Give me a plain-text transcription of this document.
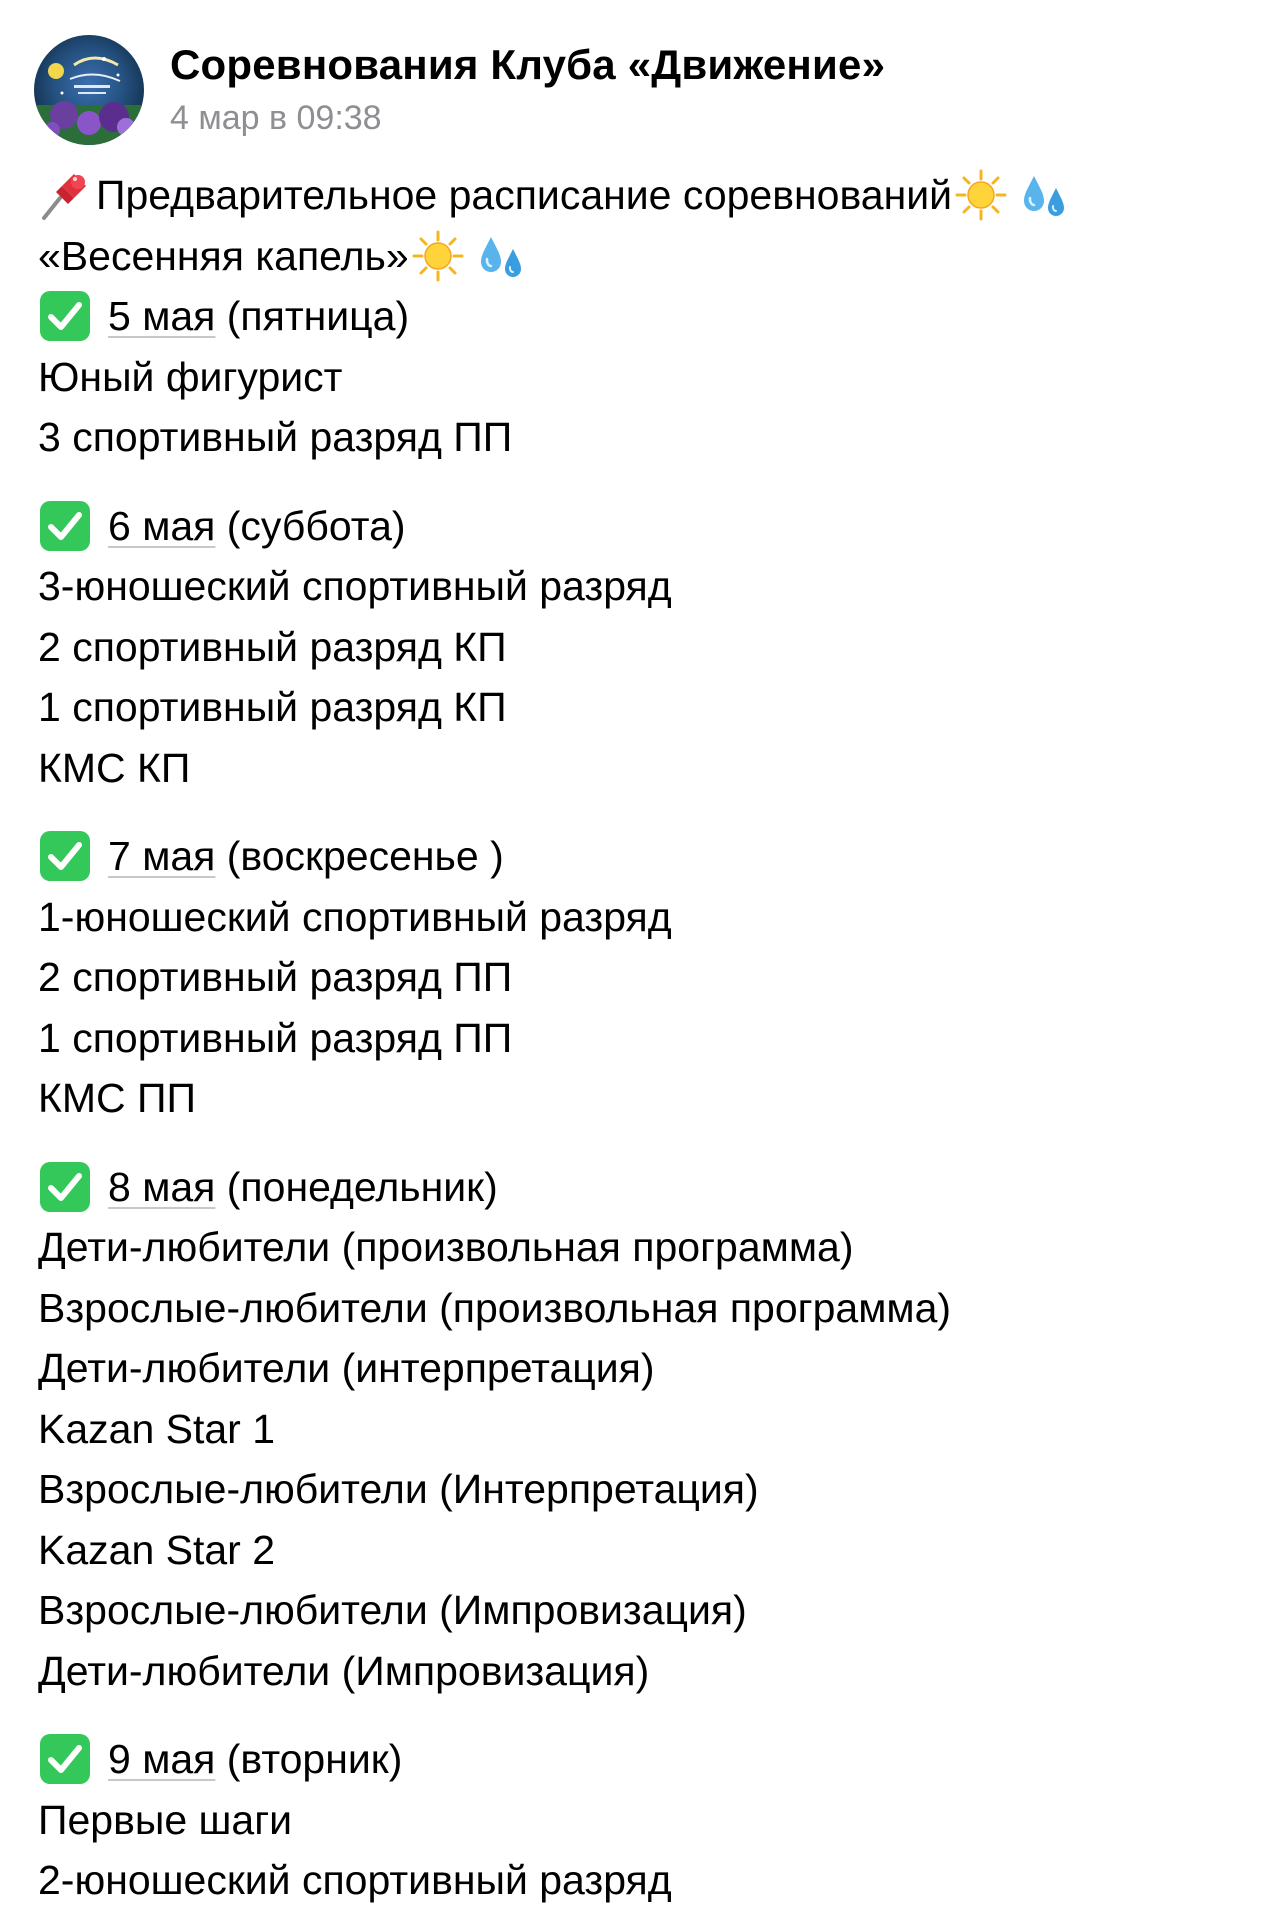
Соревнования Клуба «Движение»
4 мар в 09:38
Предварительное расписание соревнований
«Весенняя капель»
5 мая (пятница)
Юный фигурист
3 спортивный разряд ПП
6 мая (суббота)
3-юношеский спортивный разряд
2 спортивный разряд КП
1 спортивный разряд КП
КМС КП
7 мая (воскресенье )
1-юношеский спортивный разряд
2 спортивный разряд ПП
1 спортивный разряд ПП
КМС ПП
8 мая (понедельник)
Дети-любители (произвольная программа)
Взрослые-любители (произвольная программа)
Дети-любители (интерпретация)
Kazan Star 1
Взрослые-любители (Интерпретация)
Kazan Star 2
Взрослые-любители (Импровизация)
Дети-любители (Импровизация)
9 мая (вторник)
Первые шаги
2-юношеский спортивный разряд
